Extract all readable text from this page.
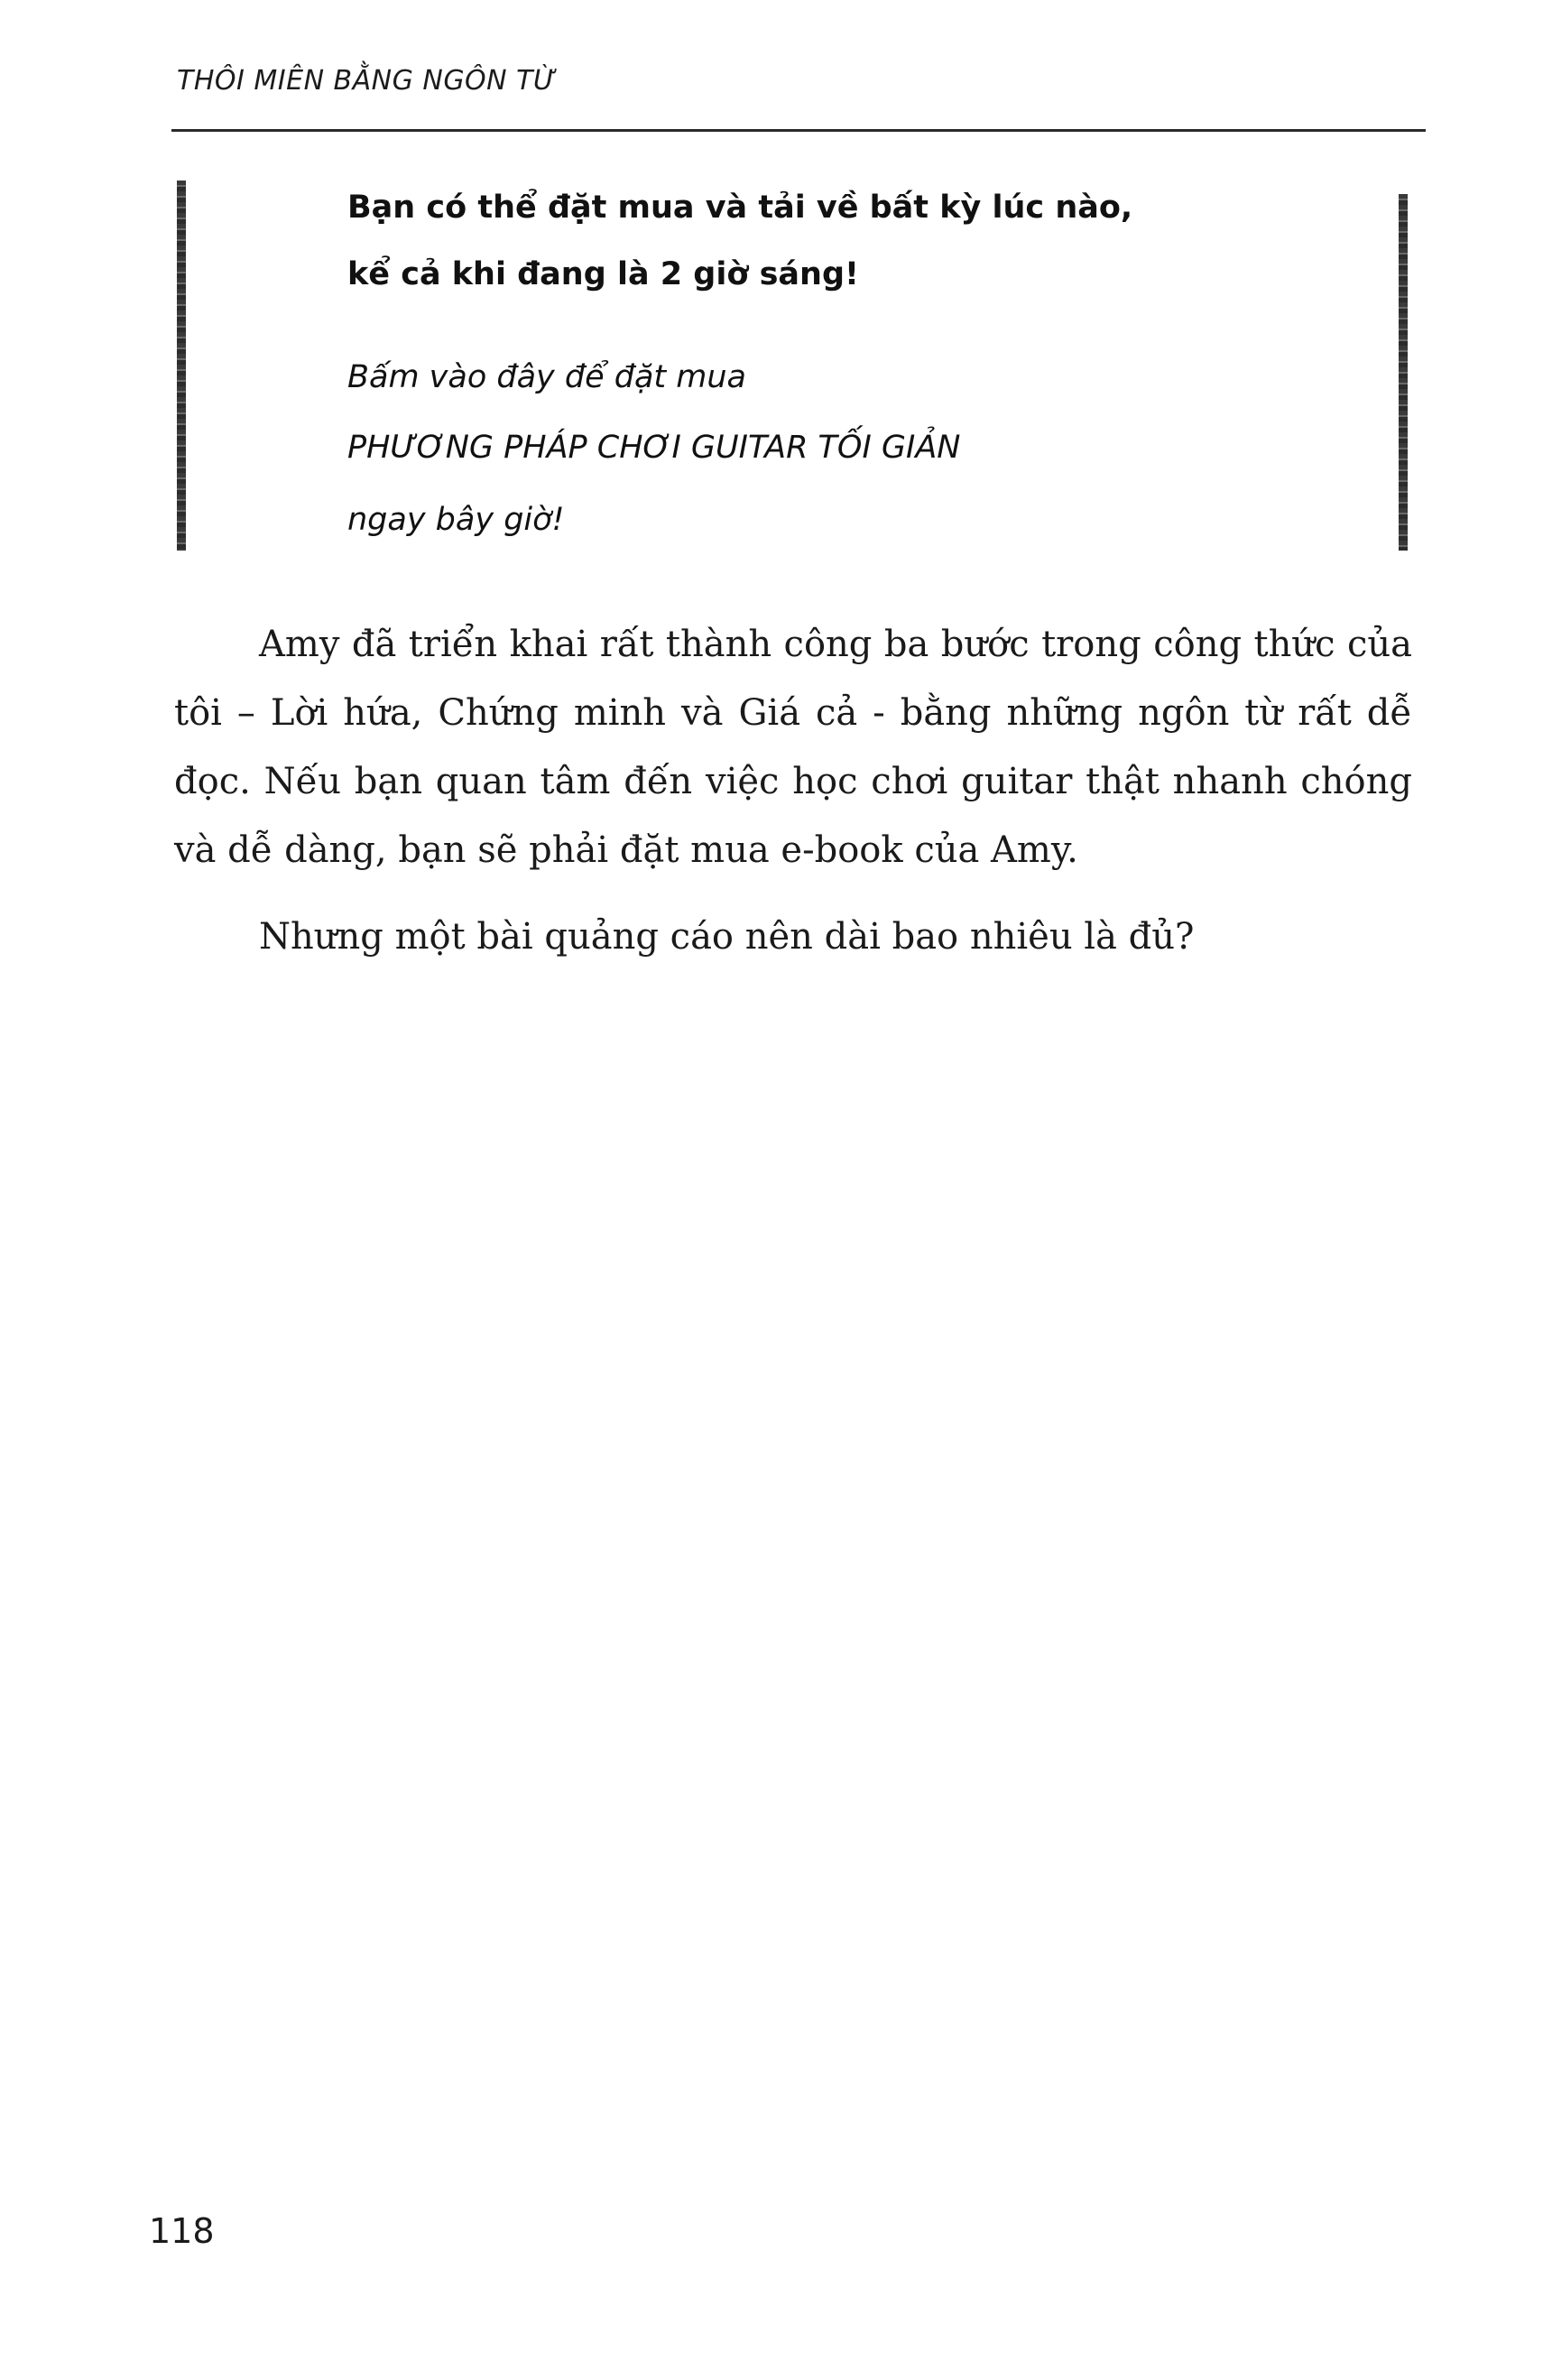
THÔI MIÊN BẰNG NGÔN TỪ
Bạn có thể đặt mua và tải về bất kỳ lúc nào,
kể cả khi đang là 2 giờ sáng!
Bấm vào đây để đặt mua
PHƯƠNG PHÁP CHƠI GUITAR TỐI GIẢN
ngay bây giờ!

Amy đã triển khai rất thành công ba bước trong công thức của tôi – Lời hứa, Chứng minh và Giá cả - bằng những ngôn từ rất dễ đọc. Nếu bạn quan tâm đến việc học chơi guitar thật nhanh chóng và dễ dàng, bạn sẽ phải đặt mua e-book của Amy.

Nhưng một bài quảng cáo nên dài bao nhiêu là đủ?

118
